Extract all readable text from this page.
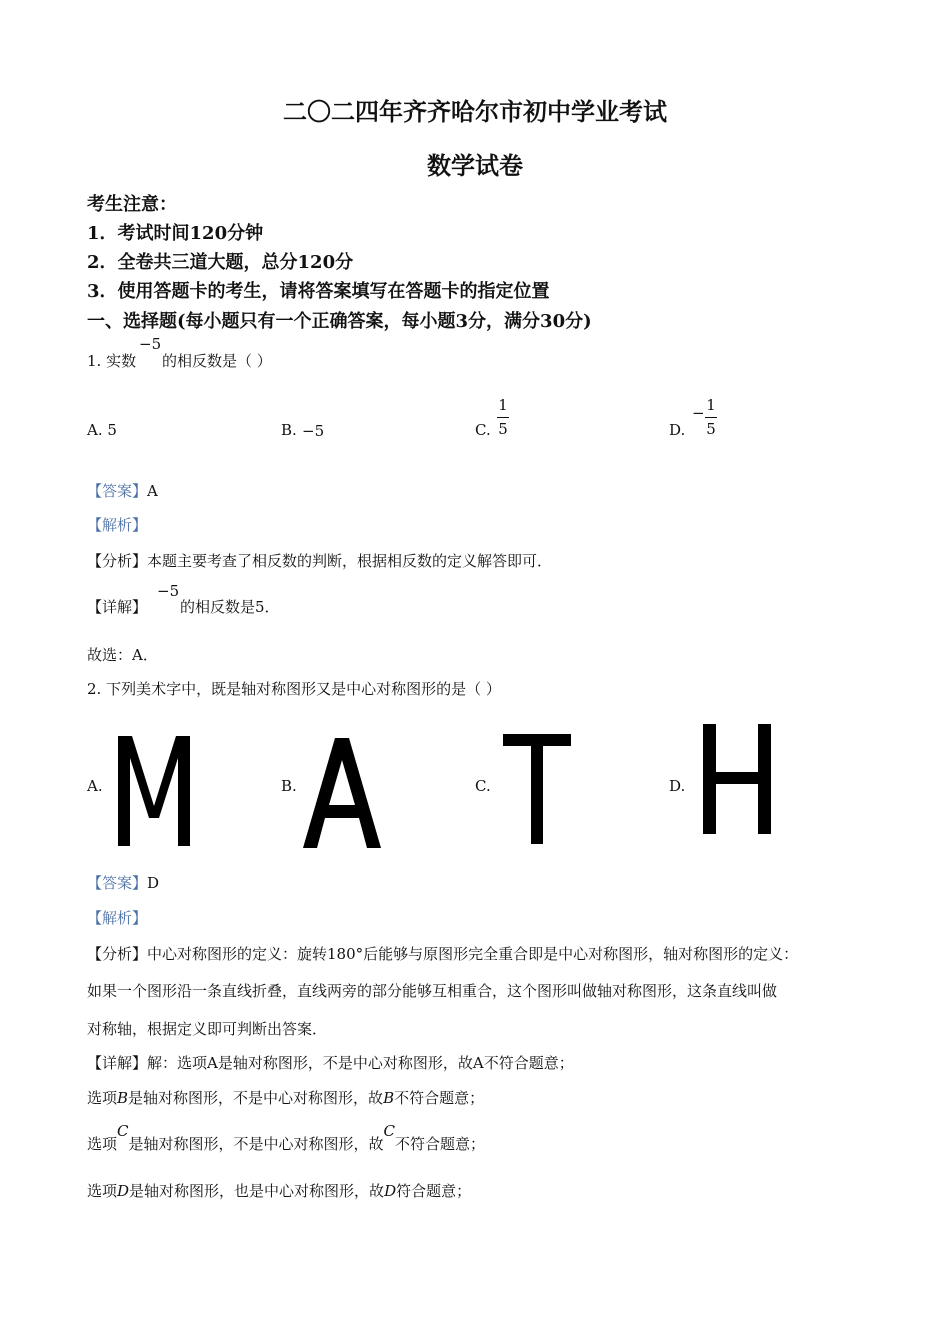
二〇二四年齐齐哈尔市初中学业考试
数学试卷
考生注意：
1．考试时间120分钟
2．全卷共三道大题，总分120分
3．使用答题卡的考生，请将答案填写在答题卡的指定位置
一、选择题(每小题只有一个正确答案，每小题3分，满分30分)
1. 实数
−5
的相反数是（ ）
A. 5	B. −5	C.
1
5	D.
− 1
5
【答案】A
【解析】
【分析】本题主要考查了相反数的判断，根据相反数的定义解答即可．
【详解】
−5
的相反数是5．
故选：A．
2. 下列美术字中，既是轴对称图形又是中心对称图形的是（ ）
A.	B.	C.	D.
【答案】D
【解析】
【分析】中心对称图形的定义：旋转180°后能够与原图形完全重合即是中心对称图形，轴对称图形的定义：
如果一个图形沿一条直线折叠，直线两旁的部分能够互相重合，这个图形叫做轴对称图形，这条直线叫做
对称轴，根据定义即可判断出答案．
【详解】解：选项A是轴对称图形，不是中心对称图形，故A不符合题意；
选项B是轴对称图形，不是中心对称图形，故B不符合题意；
选项C是轴对称图形，不是中心对称图形，故C不符合题意；
选项D是轴对称图形，也是中心对称图形，故D符合题意；
